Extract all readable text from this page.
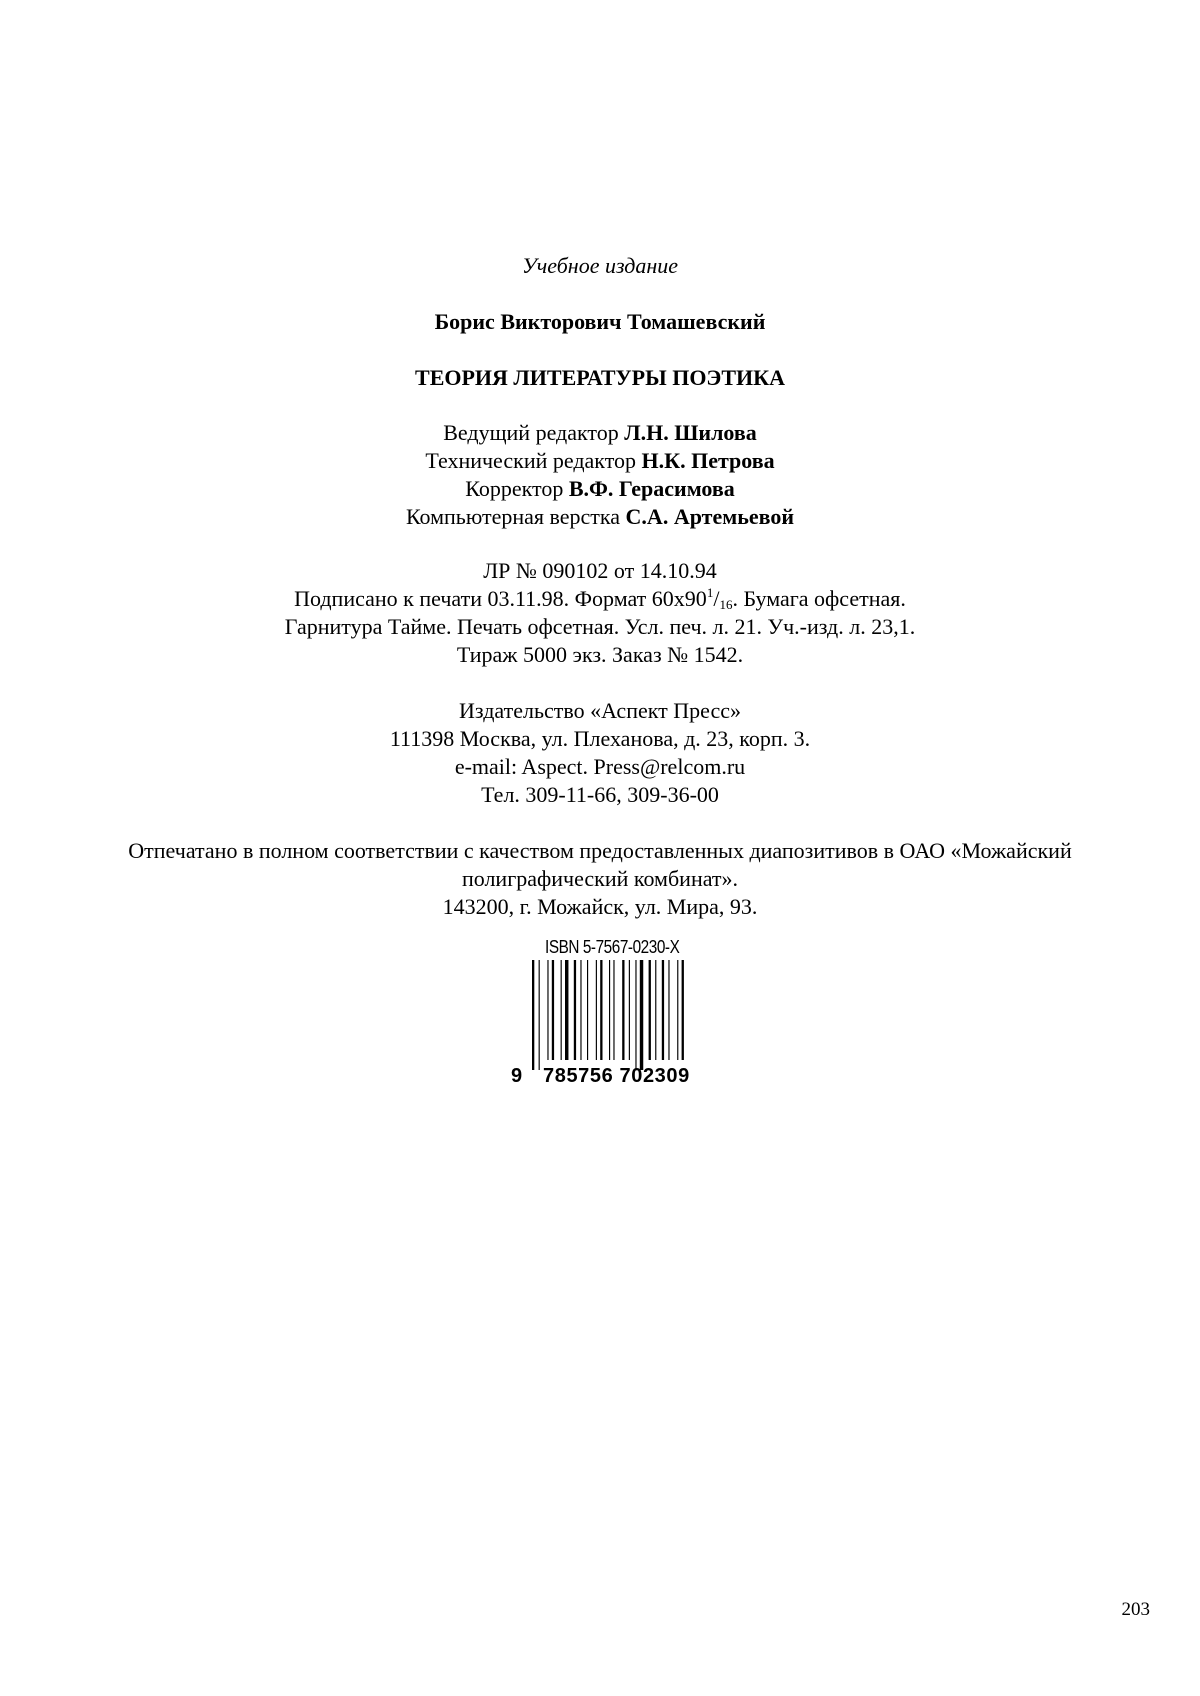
Учебное издание
Борис Викторович Томашевский
ТЕОРИЯ ЛИТЕРАТУРЫ ПОЭТИКА
Ведущий редактор Л.Н. Шилова
Технический редактор Н.К. Петрова
Корректор В.Ф. Герасимова
Компьютерная верстка С.А. Артемьевой
ЛР № 090102 от 14.10.94
Подписано к печати 03.11.98. Формат $60x90^1/_{16}$. Бумага офсетная.
Гарнитура Тайме. Печать офсетная. Усл. печ. л. 21. Уч.-изд. л. 23,1.
Тираж 5000 экз. Заказ № 1542.
Издательство «Аспект Пресс»
111398 Москва, ул. Плеханова, д. 23, корп. 3.
e-mail: Aspect. Press@relcom.ru
Тел. 309-11-66, 309-36-00
Отпечатано в полном соответствии с качеством предоставленных диапозитивов в ОАО «Можайский полиграфический комбинат».
143200, г. Можайск, ул. Мира, 93.
ISBN 5-7567-0230-X
9 785756 702309
203
